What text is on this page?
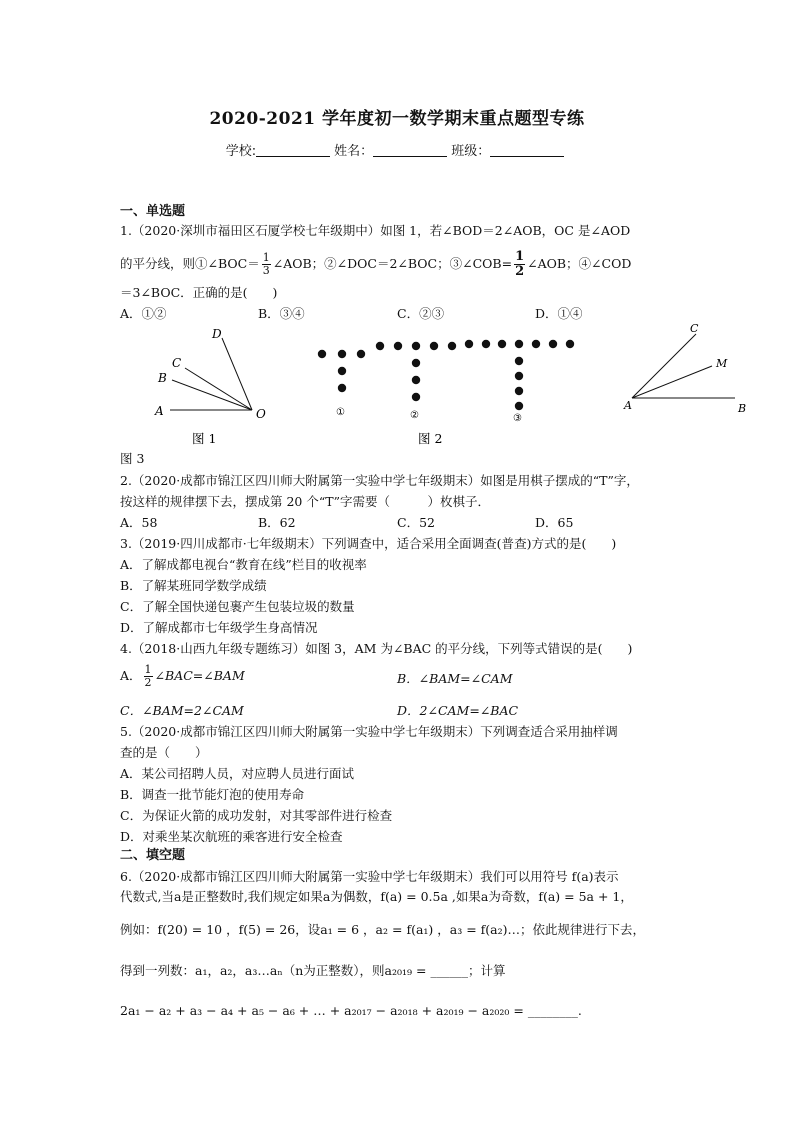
2020-2021 学年度初一数学期末重点题型专练
学校:	姓名：	班级：
一、单选题
1.（2020·深圳市福田区石厦学校七年级期中）如图 1，若∠BOD＝2∠AOB，OC 是∠AOD
的平分线，则①∠BOC＝ $\frac{1}{3}$ ∠AOB；②∠DOC＝2∠BOC；③∠COB= $\frac{1}{2}$ ∠AOB；④∠COD
＝3∠BOC．正确的是(　　)
A．①②	B．③④	C．②③	D．①④
D
C
B
A	O
图 1
①	②	③
图 2
C
M
A	B
图 3
2.（2020·成都市锦江区四川师大附属第一实验中学七年级期末）如图是用棋子摆成的“T”字，
按这样的规律摆下去，摆成第 20 个“T”字需要（　　　）枚棋子．
A．58	B．62	C．52	D．65
3.（2019·四川成都市·七年级期末）下列调查中，适合采用全面调查(普查)方式的是(　　)
A．了解成都电视台“教育在线”栏目的收视率
B．了解某班同学数学成绩
C．了解全国快递包裹产生包装垃圾的数量
D．了解成都市七年级学生身高情况
4.（2018·山西九年级专题练习）如图 3，AM 为∠BAC 的平分线，下列等式错误的是(　　)
A． $\frac{1}{2}$ ∠BAC=∠BAM	B．∠BAM=∠CAM
C．∠BAM=2∠CAM	D．2∠CAM=∠BAC
5.（2020·成都市锦江区四川师大附属第一实验中学七年级期末）下列调查适合采用抽样调
查的是（　　）
A．某公司招聘人员，对应聘人员进行面试
B．调查一批节能灯泡的使用寿命
C．为保证火箭的成功发射，对其零部件进行检查
D．对乘坐某次航班的乘客进行安全检查
二、填空题
6.（2020·成都市锦江区四川师大附属第一实验中学七年级期末）我们可以用符号 f(a)表示
代数式,当a是正整数时,我们规定如果a为偶数，f(a) = 0.5a ,如果a为奇数，f(a) = 5a + 1，
例如：f(20) = 10 ，f(5) = 26，设a₁ = 6 ，a₂ = f(a₁) ，a₃ = f(a₂)…；依此规律进行下去，
得到一列数：a₁，a₂，a₃…aₙ（n为正整数），则a₂₀₁₉ = ______；计算
2a₁ − a₂ + a₃ − a₄ + a₅ − a₆ + … + a₂₀₁₇ − a₂₀₁₈ + a₂₀₁₉ − a₂₀₂₀ = ________.
